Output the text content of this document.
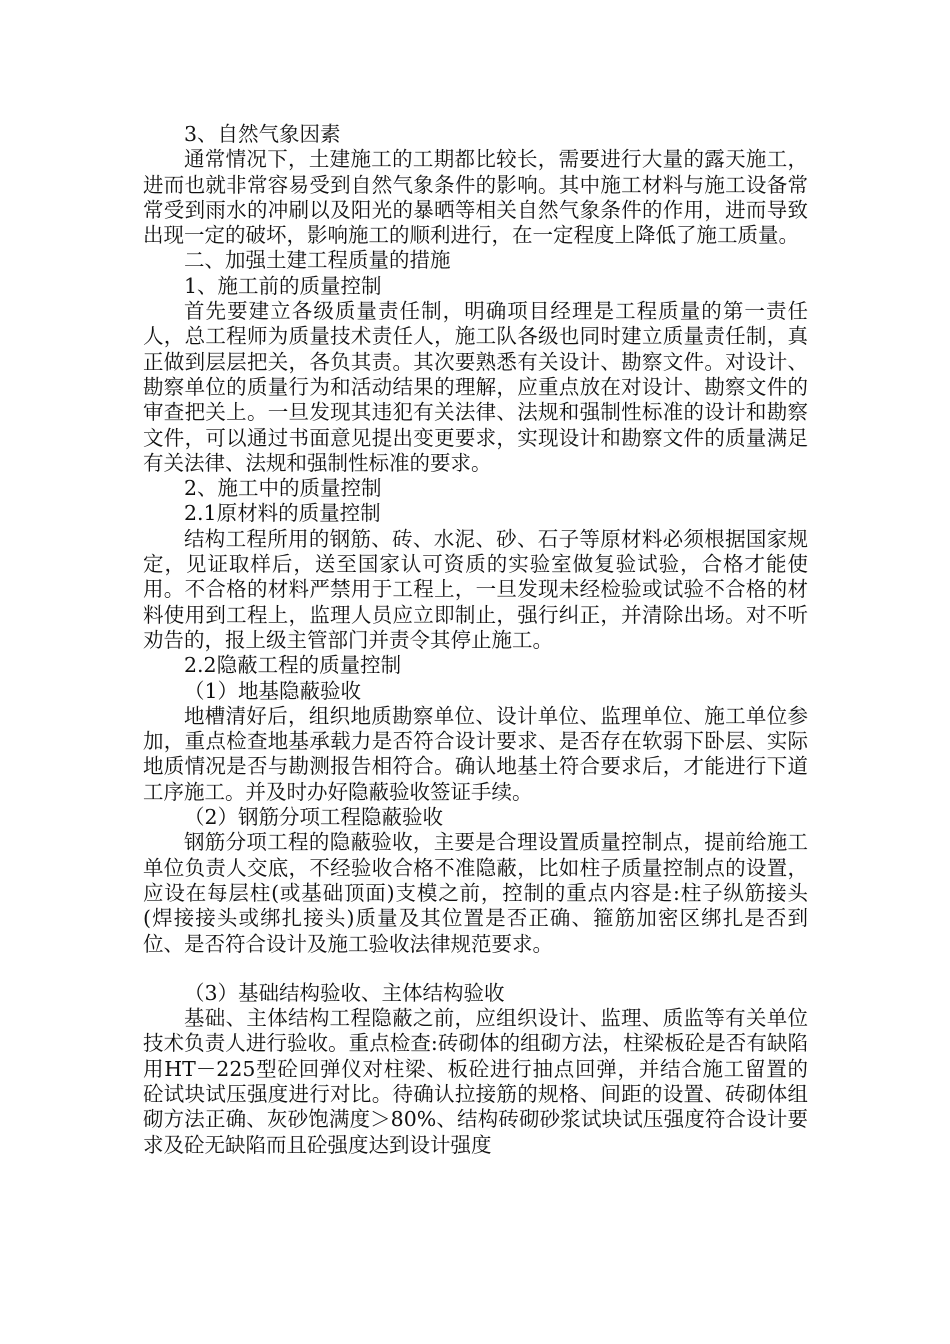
3、自然气象因素

通常情况下，土建施工的工期都比较长，需要进行大量的露天施工，进而也就非常容易受到自然气象条件的影响。其中施工材料与施工设备常常受到雨水的冲刷以及阳光的暴晒等相关自然气象条件的作用，进而导致出现一定的破坏，影响施工的顺利进行，在一定程度上降低了施工质量。

二、加强土建工程质量的措施

1、施工前的质量控制

首先要建立各级质量责任制，明确项目经理是工程质量的第一责任人，总工程师为质量技术责任人，施工队各级也同时建立质量责任制，真正做到层层把关，各负其责。其次要熟悉有关设计、勘察文件。对设计、勘察单位的质量行为和活动结果的理解，应重点放在对设计、勘察文件的审查把关上。一旦发现其违犯有关法律、法规和强制性标准的设计和勘察文件，可以通过书面意见提出变更要求，实现设计和勘察文件的质量满足有关法律、法规和强制性标准的要求。

2、施工中的质量控制

2.1原材料的质量控制

结构工程所用的钢筋、砖、水泥、砂、石子等原材料必须根据国家规定，见证取样后，送至国家认可资质的实验室做复验试验，合格才能使用。不合格的材料严禁用于工程上，一旦发现未经检验或试验不合格的材料使用到工程上，监理人员应立即制止，强行纠正，并清除出场。对不听劝告的，报上级主管部门并责令其停止施工。

2.2隐蔽工程的质量控制

（1）地基隐蔽验收

地槽清好后，组织地质勘察单位、设计单位、监理单位、施工单位参加，重点检查地基承载力是否符合设计要求、是否存在软弱下卧层、实际地质情况是否与勘测报告相符合。确认地基土符合要求后，才能进行下道工序施工。并及时办好隐蔽验收签证手续。

（2）钢筋分项工程隐蔽验收

钢筋分项工程的隐蔽验收，主要是合理设置质量控制点，提前给施工单位负责人交底，不经验收合格不准隐蔽，比如柱子质量控制点的设置，应设在每层柱(或基础顶面)支模之前，控制的重点内容是:柱子纵筋接头(焊接接头或绑扎接头)质量及其位置是否正确、箍筋加密区绑扎是否到位、是否符合设计及施工验收法律规范要求。

（3）基础结构验收、主体结构验收

基础、主体结构工程隐蔽之前，应组织设计、监理、质监等有关单位技术负责人进行验收。重点检查:砖砌体的组砌方法，柱梁板砼是否有缺陷用HT－225型砼回弹仪对柱梁、板砼进行抽点回弹，并结合施工留置的砼试块试压强度进行对比。待确认拉接筋的规格、间距的设置、砖砌体组砌方法正确、灰砂饱满度＞80%、结构砖砌砂浆试块试压强度符合设计要求及砼无缺陷而且砼强度达到设计强度
